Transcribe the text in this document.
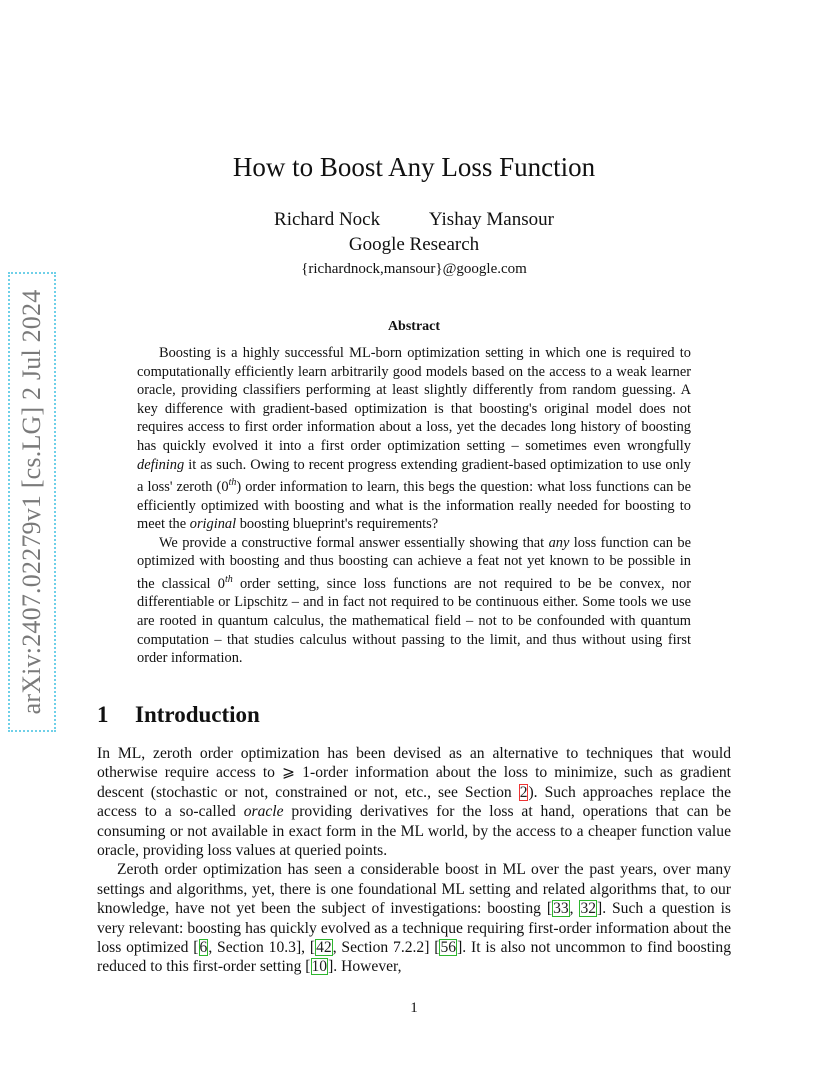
arXiv:2407.02279v1 [cs.LG] 2 Jul 2024
How to Boost Any Loss Function
Richard Nock	Yishay Mansour
Google Research
{richardnock,mansour}@google.com
Abstract

Boosting is a highly successful ML-born optimization setting in which one is required to computationally efficiently learn arbitrarily good models based on the access to a weak learner oracle, providing classifiers performing at least slightly differently from random guessing. A key difference with gradient-based optimization is that boosting's original model does not requires access to first order information about a loss, yet the decades long history of boosting has quickly evolved it into a first order optimization setting – sometimes even wrongfully defining it as such. Owing to recent progress extending gradient-based optimization to use only a loss' zeroth (0th) order information to learn, this begs the question: what loss functions can be efficiently optimized with boosting and what is the information really needed for boosting to meet the original boosting blueprint's requirements?

We provide a constructive formal answer essentially showing that any loss function can be optimized with boosting and thus boosting can achieve a feat not yet known to be possible in the classical 0th order setting, since loss functions are not required to be be convex, nor differentiable or Lipschitz – and in fact not required to be continuous either. Some tools we use are rooted in quantum calculus, the mathematical field – not to be confounded with quantum computation – that studies calculus without passing to the limit, and thus without using first order information.

1 Introduction

In ML, zeroth order optimization has been devised as an alternative to techniques that would otherwise require access to ⩾ 1-order information about the loss to minimize, such as gradient descent (stochastic or not, constrained or not, etc., see Section 2). Such approaches replace the access to a so-called oracle providing derivatives for the loss at hand, operations that can be consuming or not available in exact form in the ML world, by the access to a cheaper function value oracle, providing loss values at queried points.

Zeroth order optimization has seen a considerable boost in ML over the past years, over many settings and algorithms, yet, there is one foundational ML setting and related algorithms that, to our knowledge, have not yet been the subject of investigations: boosting [33, 32]. Such a question is very relevant: boosting has quickly evolved as a technique requiring first-order information about the loss optimized [6, Section 10.3], [42, Section 7.2.2] [56]. It is also not uncommon to find boosting reduced to this first-order setting [10]. However,

1
